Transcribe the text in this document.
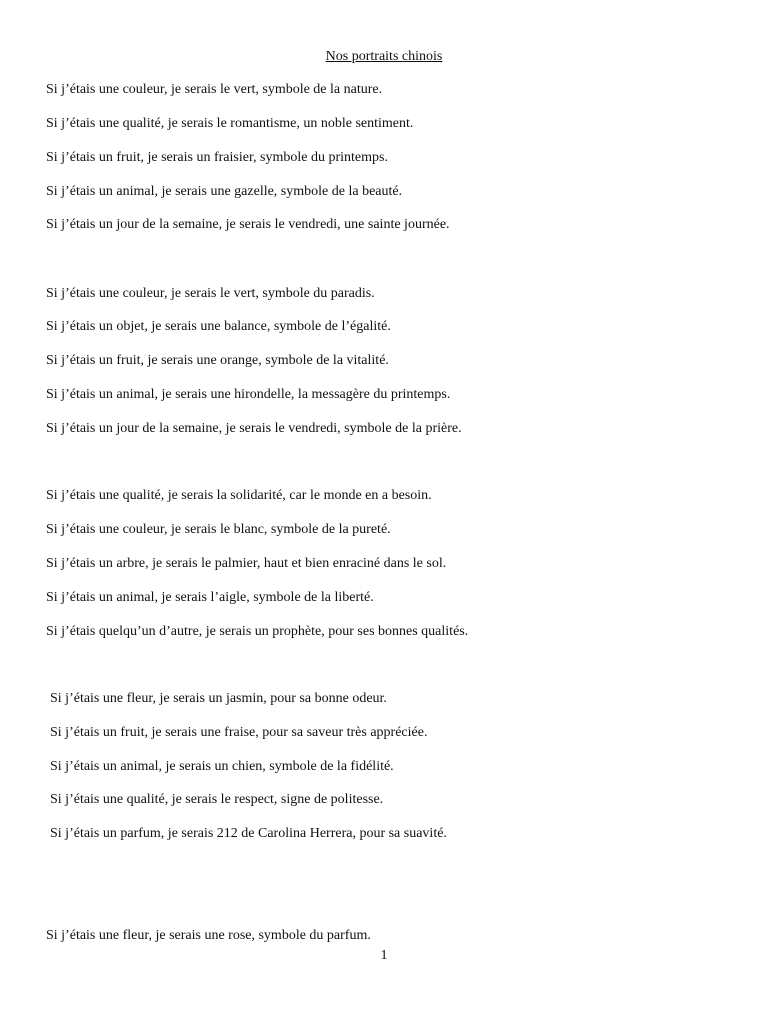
Nos portraits chinois
Si j’étais une couleur, je serais le vert, symbole de la nature.
Si j’étais une qualité, je serais le romantisme, un noble sentiment.
Si j’étais un fruit, je serais un fraisier, symbole du printemps.
Si j’étais un animal, je serais une gazelle, symbole de la beauté.
Si j’étais un jour de la semaine, je serais le vendredi, une sainte journée.
Si j’étais une couleur, je serais le vert, symbole du paradis.
Si j’étais un objet, je serais une balance, symbole de l’égalité.
Si j’étais un fruit, je serais une orange, symbole de la vitalité.
Si j’étais un animal, je serais une hirondelle, la messagère du printemps.
Si j’étais un jour de la semaine, je serais le vendredi, symbole de la prière.
Si j’étais une qualité, je serais la solidarité, car le monde en a besoin.
Si j’étais une couleur, je serais le blanc, symbole de la pureté.
Si j’étais un arbre, je serais le palmier, haut et bien enraciné dans le sol.
Si j’étais un animal, je serais l’aigle, symbole de la liberté.
Si j’étais quelqu’un d’autre, je serais un prophète, pour ses bonnes qualités.
Si j’étais une fleur, je serais un jasmin, pour sa bonne odeur.
Si j’étais un fruit, je serais une fraise, pour sa saveur très appréciée.
Si j’étais un animal, je serais un chien, symbole de la fidélité.
Si j’étais une qualité, je serais le respect, signe de politesse.
Si j’étais un parfum, je serais 212 de Carolina Herrera, pour sa suavité.
Si j’étais une fleur, je serais une rose, symbole du parfum.
1
